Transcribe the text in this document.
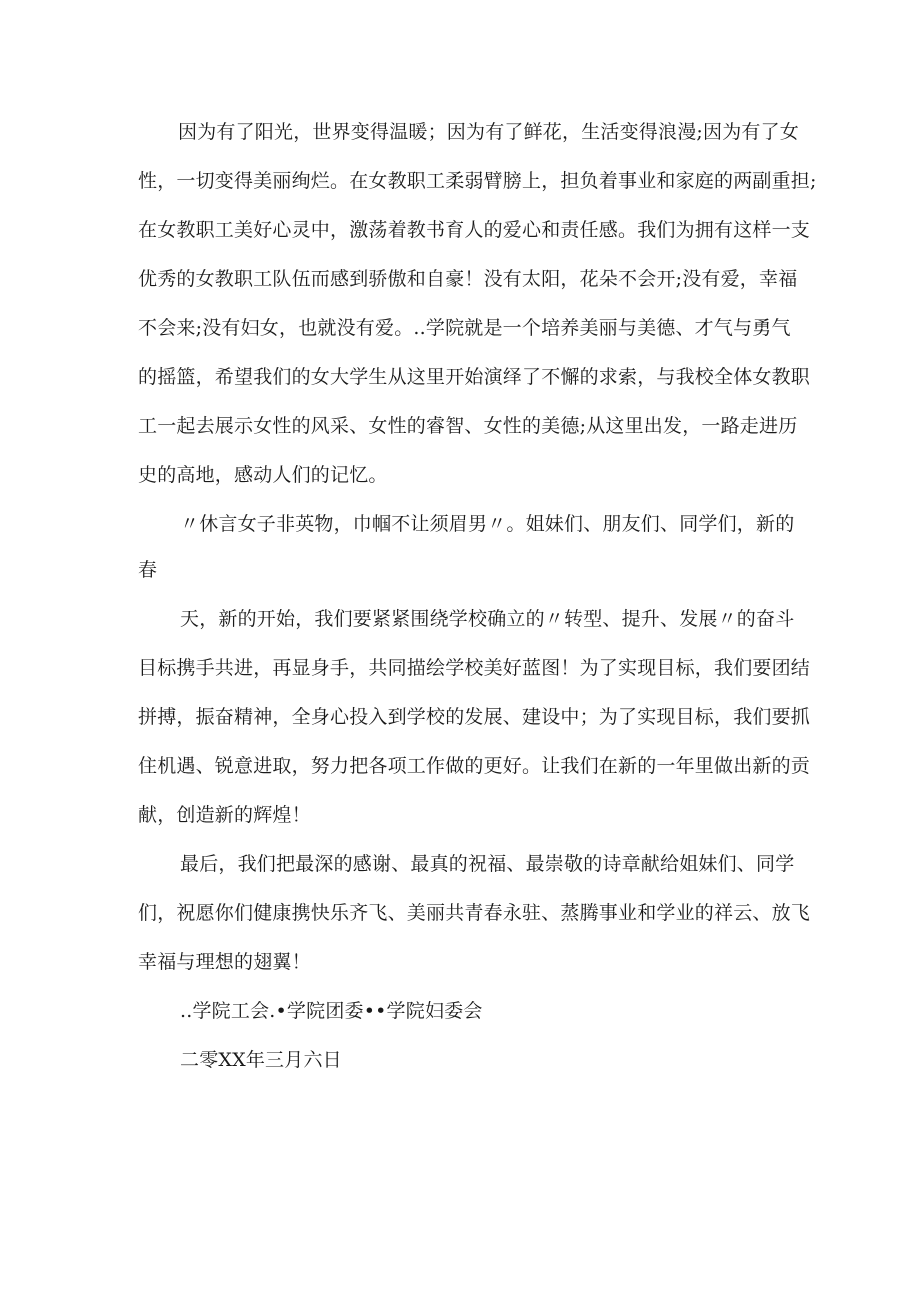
因为有了阳光，世界变得温暖；因为有了鲜花，生活变得浪漫;因为有了女
性，一切变得美丽绚烂。在女教职工柔弱臂膀上，担负着事业和家庭的两副重担;
在女教职工美好心灵中，激荡着教书育人的爱心和责任感。我们为拥有这样一支
优秀的女教职工队伍而感到骄傲和自豪！没有太阳，花朵不会开;没有爱，幸福
不会来;没有妇女，也就没有爱。..学院就是一个培养美丽与美德、才气与勇气
的摇篮，希望我们的女大学生从这里开始演绎了不懈的求索，与我校全体女教职
工一起去展示女性的风采、女性的睿智、女性的美德;从这里出发，一路走进历
史的高地，感动人们的记忆。
〃休言女子非英物，巾帼不让须眉男〃。姐妹们、朋友们、同学们，新的
春
天，新的开始，我们要紧紧围绕学校确立的〃转型、提升、发展〃的奋斗
目标携手共进，再显身手，共同描绘学校美好蓝图！为了实现目标，我们要团结
拼搏，振奋精神，全身心投入到学校的发展、建设中；为了实现目标，我们要抓
住机遇、锐意进取，努力把各项工作做的更好。让我们在新的一年里做出新的贡
献，创造新的辉煌！
最后，我们把最深的感谢、最真的祝福、最崇敬的诗章献给姐妹们、同学
们，祝愿你们健康携快乐齐飞、美丽共青春永驻、蒸腾事业和学业的祥云、放飞
幸福与理想的翅翼！
..学院工会.•学院团委••学院妇委会
二零XX年三月六日
